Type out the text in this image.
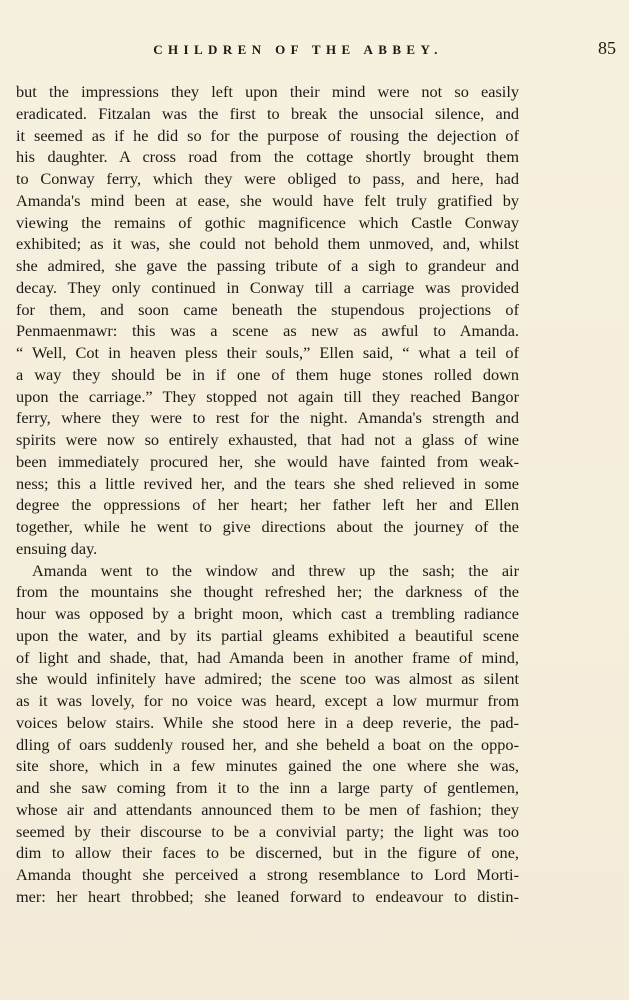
CHILDREN OF THE ABBEY.	85
but the impressions they left upon their mind were not so easily
eradicated. Fitzalan was the first to break the unsocial silence, and
it seemed as if he did so for the purpose of rousing the dejection of
his daughter. A cross road from the cottage shortly brought them
to Conway ferry, which they were obliged to pass, and here, had
Amanda's mind been at ease, she would have felt truly gratified by
viewing the remains of gothic magnificence which Castle Conway
exhibited; as it was, she could not behold them unmoved, and, whilst
she admired, she gave the passing tribute of a sigh to grandeur and
decay. They only continued in Conway till a carriage was provided
for them, and soon came beneath the stupendous projections of
Penmaenmawr: this was a scene as new as awful to Amanda.
“ Well, Cot in heaven pless their souls,” Ellen said, “ what a teil of
a way they should be in if one of them huge stones rolled down
upon the carriage.” They stopped not again till they reached Bangor
ferry, where they were to rest for the night. Amanda's strength and
spirits were now so entirely exhausted, that had not a glass of wine
been immediately procured her, she would have fainted from weak-
ness; this a little revived her, and the tears she shed relieved in some
degree the oppressions of her heart; her father left her and Ellen
together, while he went to give directions about the journey of the
ensuing day.
Amanda went to the window and threw up the sash; the air
from the mountains she thought refreshed her; the darkness of the
hour was opposed by a bright moon, which cast a trembling radiance
upon the water, and by its partial gleams exhibited a beautiful scene
of light and shade, that, had Amanda been in another frame of mind,
she would infinitely have admired; the scene too was almost as silent
as it was lovely, for no voice was heard, except a low murmur from
voices below stairs. While she stood here in a deep reverie, the pad-
dling of oars suddenly roused her, and she beheld a boat on the oppo-
site shore, which in a few minutes gained the one where she was,
and she saw coming from it to the inn a large party of gentlemen,
whose air and attendants announced them to be men of fashion; they
seemed by their discourse to be a convivial party; the light was too
dim to allow their faces to be discerned, but in the figure of one,
Amanda thought she perceived a strong resemblance to Lord Morti-
mer: her heart throbbed; she leaned forward to endeavour to distin-
